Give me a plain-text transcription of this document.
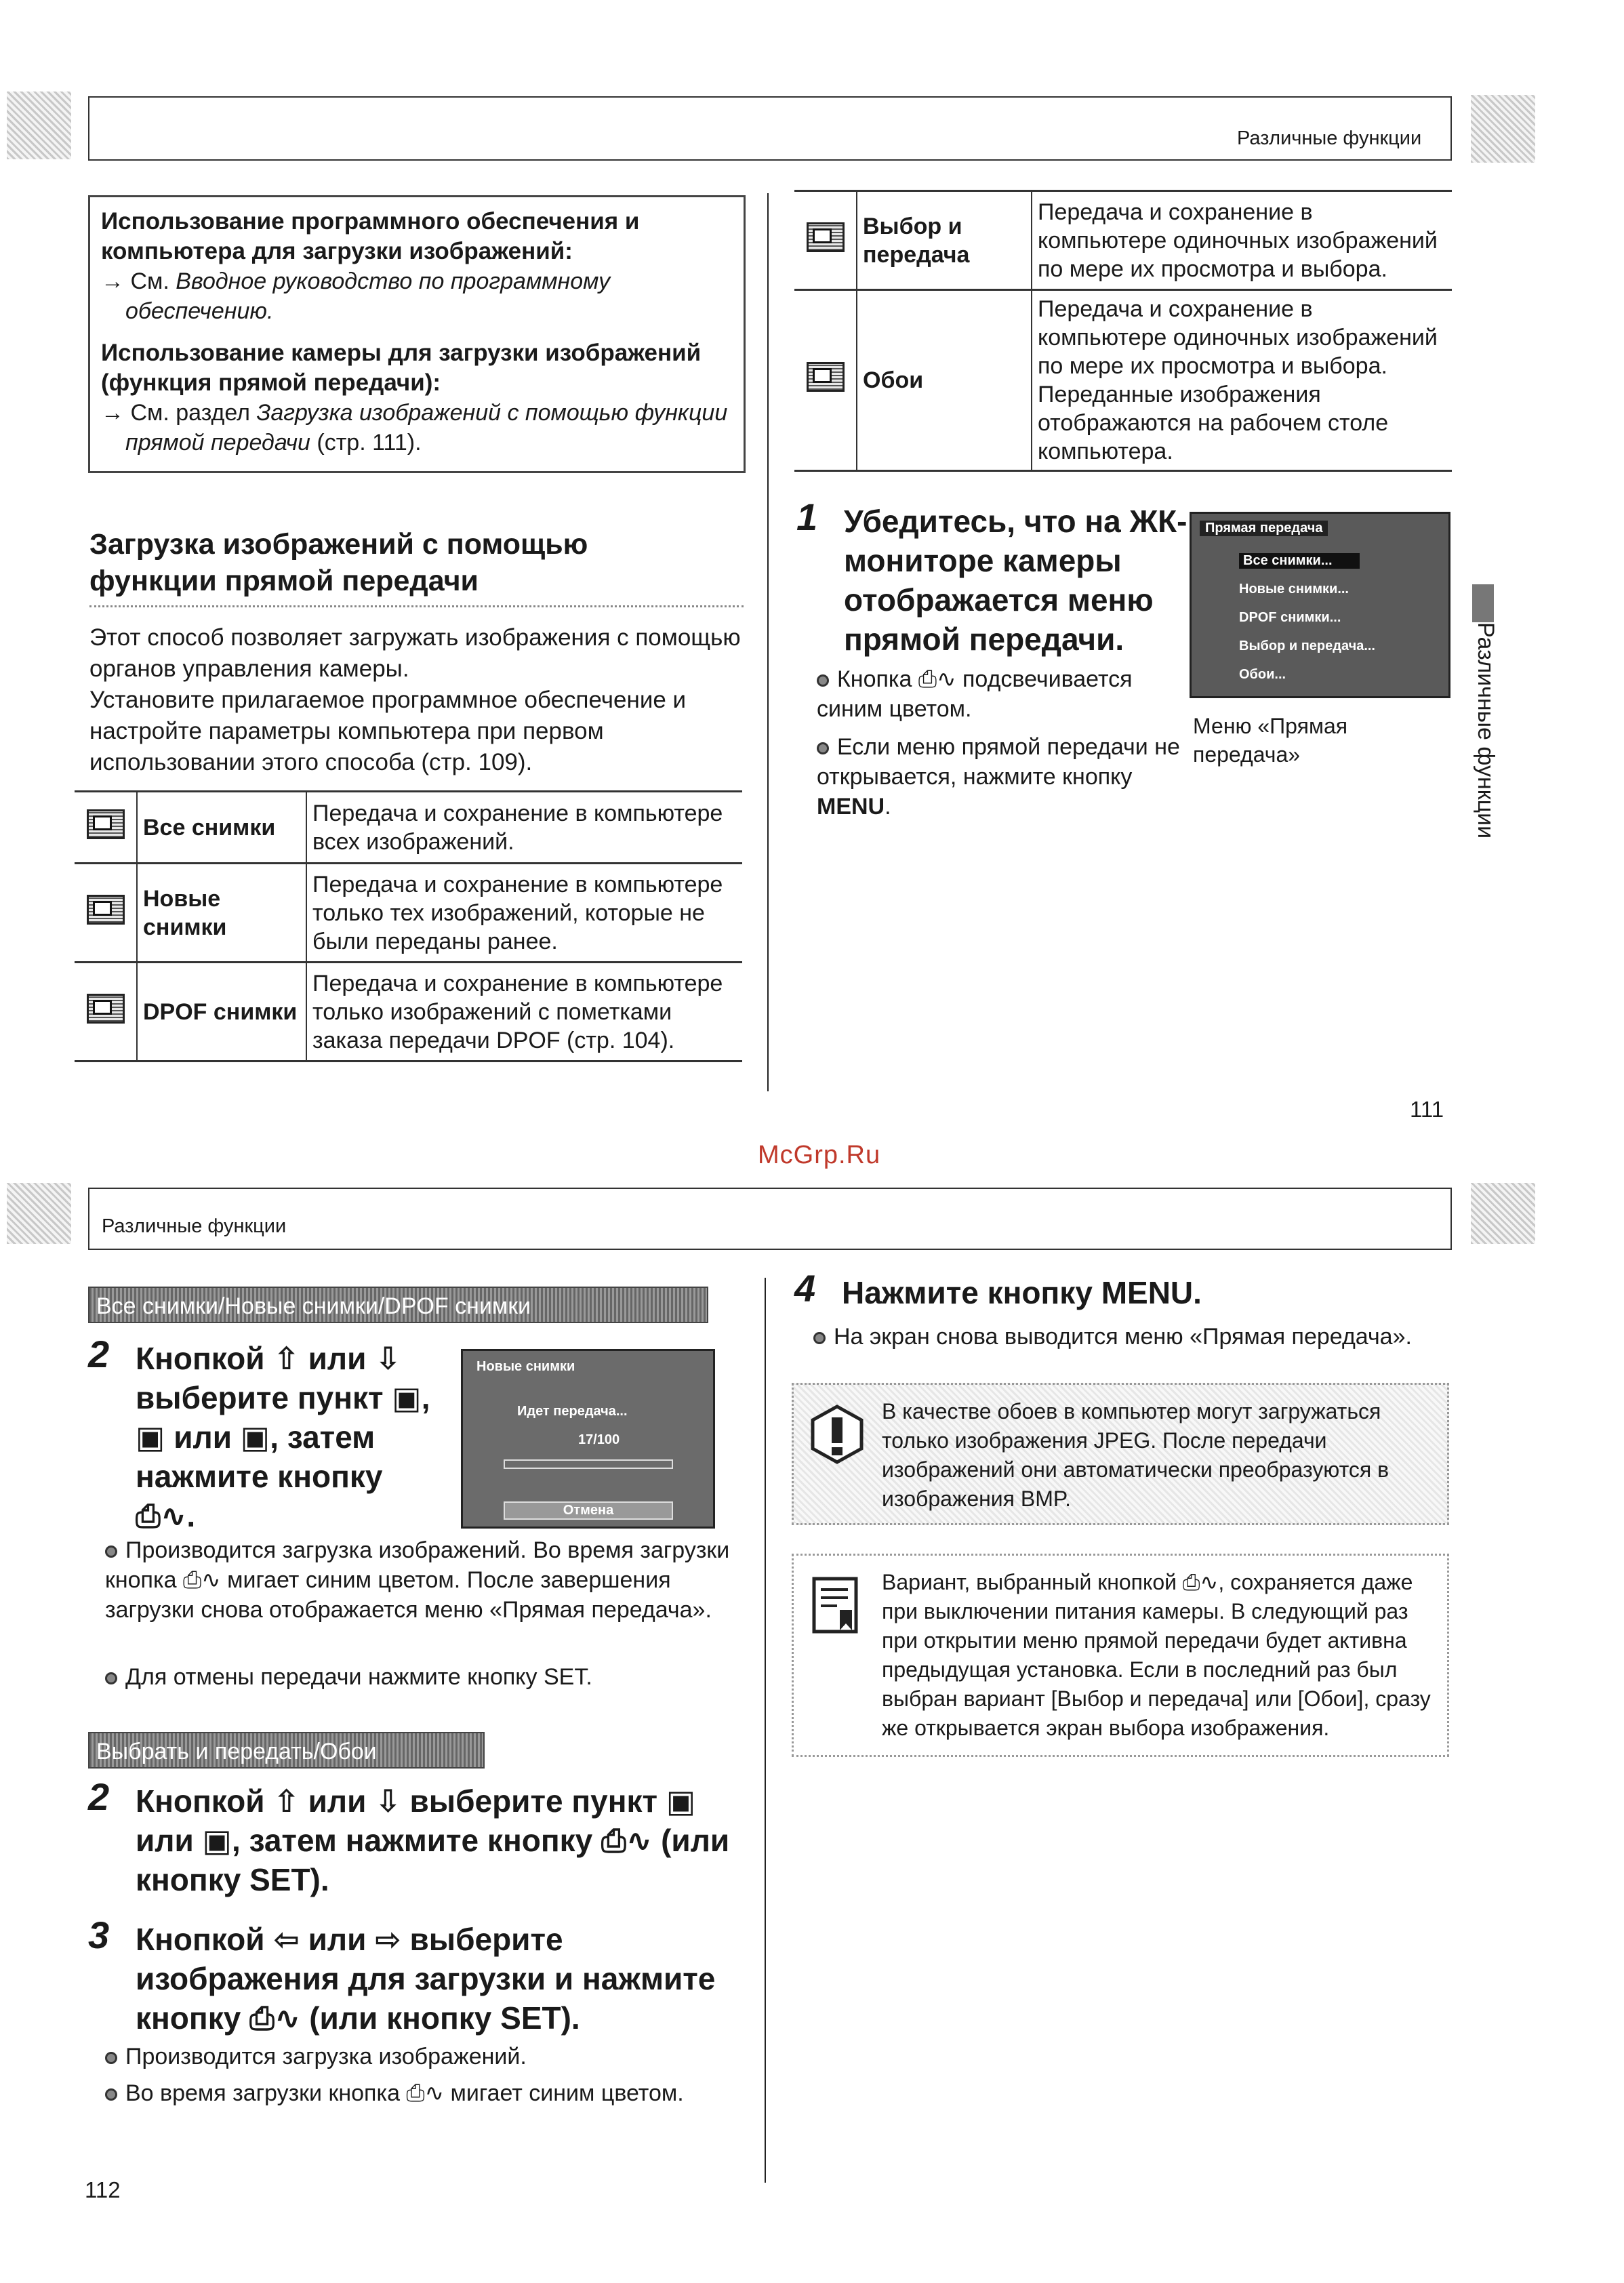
Различные функции
Использование программного обеспечения и компьютера для загрузки изображений:
→ См. Вводное руководство по программному обеспечению.
Использование камеры для загрузки изображений (функция прямой передачи):
→ См. раздел Загрузка изображений с помощью функции прямой передачи (стр. 111).
Загрузка изображений с помощью функции прямой передачи
Этот способ позволяет загружать изображения с помощью органов управления камеры.
Установите прилагаемое программное обеспечение и настройте параметры компьютера при первом использовании этого способа (стр. 109).
	Все снимки	Передача и сохранение в компьютере всех изображений.
	Новые снимки	Передача и сохранение в компьютере только тех изображений, которые не были переданы ранее.
	DPOF снимки	Передача и сохранение в компьютере только изображений с пометками заказа передачи DPOF (стр. 104).
	Выбор и передача	Передача и сохранение в компьютере одиночных изображений по мере их просмотра и выбора.
	Обои	Передача и сохранение в компьютере одиночных изображений по мере их просмотра и выбора. Переданные изображения отображаются на рабочем столе компьютера.
1 Убедитесь, что на ЖК-мониторе камеры отображается меню прямой передачи.
Кнопка ⎙∿ подсвечивается синим цветом.
Если меню прямой передачи не открывается, нажмите кнопку MENU.
Прямая передача
Все снимки...
Новые снимки...
DPOF снимки...
Выбор и передача...
Обои...
Меню «Прямая передача»	Различные функции
111
McGrp.Ru
Различные функции
Все снимки/Новые снимки/DPOF снимки
2 Кнопкой ⇧ или ⇩ выберите пункт ▣, ▣ или ▣, затем нажмите кнопку ⎙∿.
Новые снимки
Идет передача...
17/100
Отмена
Производится загрузка изображений. Во время загрузки кнопка ⎙∿ мигает синим цветом. После завершения загрузки снова отображается меню «Прямая передача».
Для отмены передачи нажмите кнопку SET.
Выбрать и передать/Обои
2 Кнопкой ⇧ или ⇩ выберите пункт ▣ или ▣, затем нажмите кнопку ⎙∿ (или кнопку SET).
3 Кнопкой ⇦ или ⇨ выберите изображения для загрузки и нажмите кнопку ⎙∿ (или кнопку SET).
Производится загрузка изображений.
Во время загрузки кнопка ⎙∿ мигает синим цветом.
4 Нажмите кнопку MENU.
На экран снова выводится меню «Прямая передача».
В качестве обоев в компьютер могут загружаться только изображения JPEG. После передачи изображений они автоматически преобразуются в изображения BMP.
Вариант, выбранный кнопкой ⎙∿, сохраняется даже при выключении питания камеры. В следующий раз при открытии меню прямой передачи будет активна предыдущая установка. Если в последний раз был выбран вариант [Выбор и передача] или [Обои], сразу же открывается экран выбора изображения.
112
